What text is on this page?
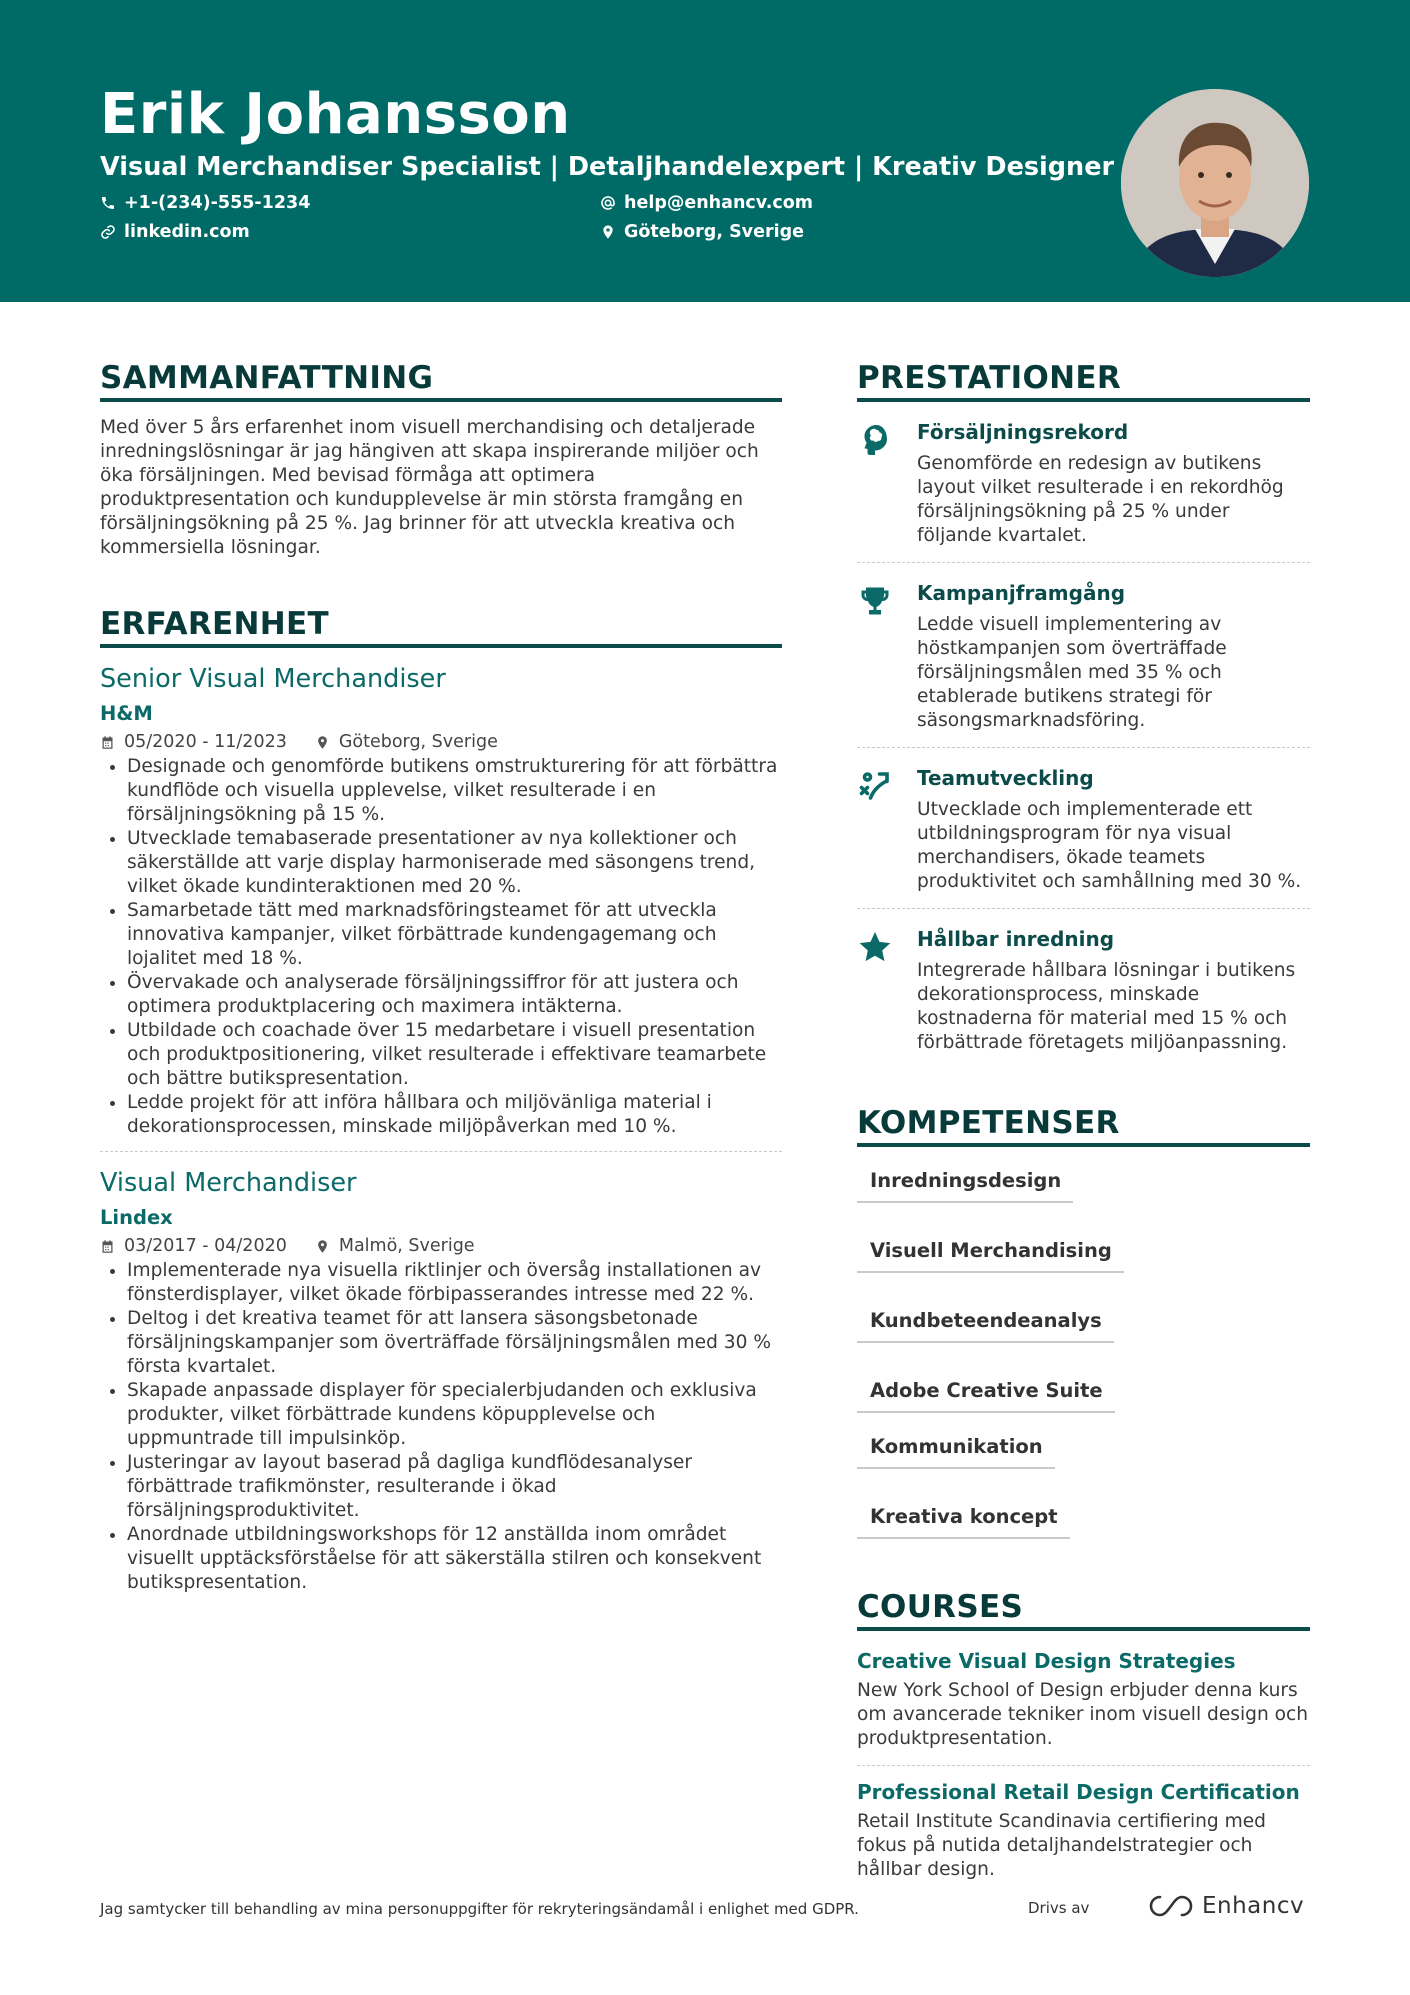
Erik Johansson
Visual Merchandiser Specialist | Detaljhandelexpert | Kreativ Designer
+1-(234)-555-1234	help@enhancv.com
linkedin.com	Göteborg, Sverige
SAMMANFATTNING
Med över 5 års erfarenhet inom visuell merchandising och detaljerade inredningslösningar är jag hängiven att skapa inspirerande miljöer och öka försäljningen. Med bevisad förmåga att optimera produktpresentation och kundupplevelse är min största framgång en försäljningsökning på 25 %. Jag brinner för att utveckla kreativa och kommersiella lösningar.
ERFARENHET
Senior Visual Merchandiser
H&M
05/2020 - 11/2023	Göteborg, Sverige
• Designade och genomförde butikens omstrukturering för att förbättra kundflöde och visuella upplevelse, vilket resulterade i en försäljningsökning på 15 %.
• Utvecklade temabaserade presentationer av nya kollektioner och säkerställde att varje display harmoniserade med säsongens trend, vilket ökade kundinteraktionen med 20 %.
• Samarbetade tätt med marknadsföringsteamet för att utveckla innovativa kampanjer, vilket förbättrade kundengagemang och lojalitet med 18 %.
• Övervakade och analyserade försäljningssiffror för att justera och optimera produktplacering och maximera intäkterna.
• Utbildade och coachade över 15 medarbetare i visuell presentation och produktpositionering, vilket resulterade i effektivare teamarbete och bättre butikspresentation.
• Ledde projekt för att införa hållbara och miljövänliga material i dekorationsprocessen, minskade miljöpåverkan med 10 %.
Visual Merchandiser
Lindex
03/2017 - 04/2020	Malmö, Sverige
• Implementerade nya visuella riktlinjer och översåg installationen av fönsterdisplayer, vilket ökade förbipasserandes intresse med 22 %.
• Deltog i det kreativa teamet för att lansera säsongsbetonade försäljningskampanjer som överträffade försäljningsmålen med 30 % första kvartalet.
• Skapade anpassade displayer för specialerbjudanden och exklusiva produkter, vilket förbättrade kundens köpupplevelse och uppmuntrade till impulsinköp.
• Justeringar av layout baserad på dagliga kundflödesanalyser förbättrade trafikmönster, resulterande i ökad försäljningsproduktivitet.
• Anordnade utbildningsworkshops för 12 anställda inom området visuellt upptäcksförståelse för att säkerställa stilren och konsekvent butikspresentation.
PRESTATIONER
Försäljningsrekord
Genomförde en redesign av butikens layout vilket resulterade i en rekordhög försäljningsökning på 25 % under följande kvartalet.
Kampanjframgång
Ledde visuell implementering av höstkampanjen som överträffade försäljningsmålen med 35 % och etablerade butikens strategi för säsongsmarknadsföring.
Teamutveckling
Utvecklade och implementerade ett utbildningsprogram för nya visual merchandisers, ökade teamets produktivitet och samhållning med 30 %.
Hållbar inredning
Integrerade hållbara lösningar i butikens dekorationsprocess, minskade kostnaderna för material med 15 % och förbättrade företagets miljöanpassning.
KOMPETENSER
Inredningsdesign
Visuell Merchandising
Kundbeteendeanalys
Adobe Creative Suite
Kommunikation
Kreativa koncept
COURSES
Creative Visual Design Strategies
New York School of Design erbjuder denna kurs om avancerade tekniker inom visuell design och produktpresentation.
Professional Retail Design Certification
Retail Institute Scandinavia certifiering med fokus på nutida detaljhandelstrategier och hållbar design.
Jag samtycker till behandling av mina personuppgifter för rekryteringsändamål i enlighet med GDPR.	Drivs av	Enhancv
